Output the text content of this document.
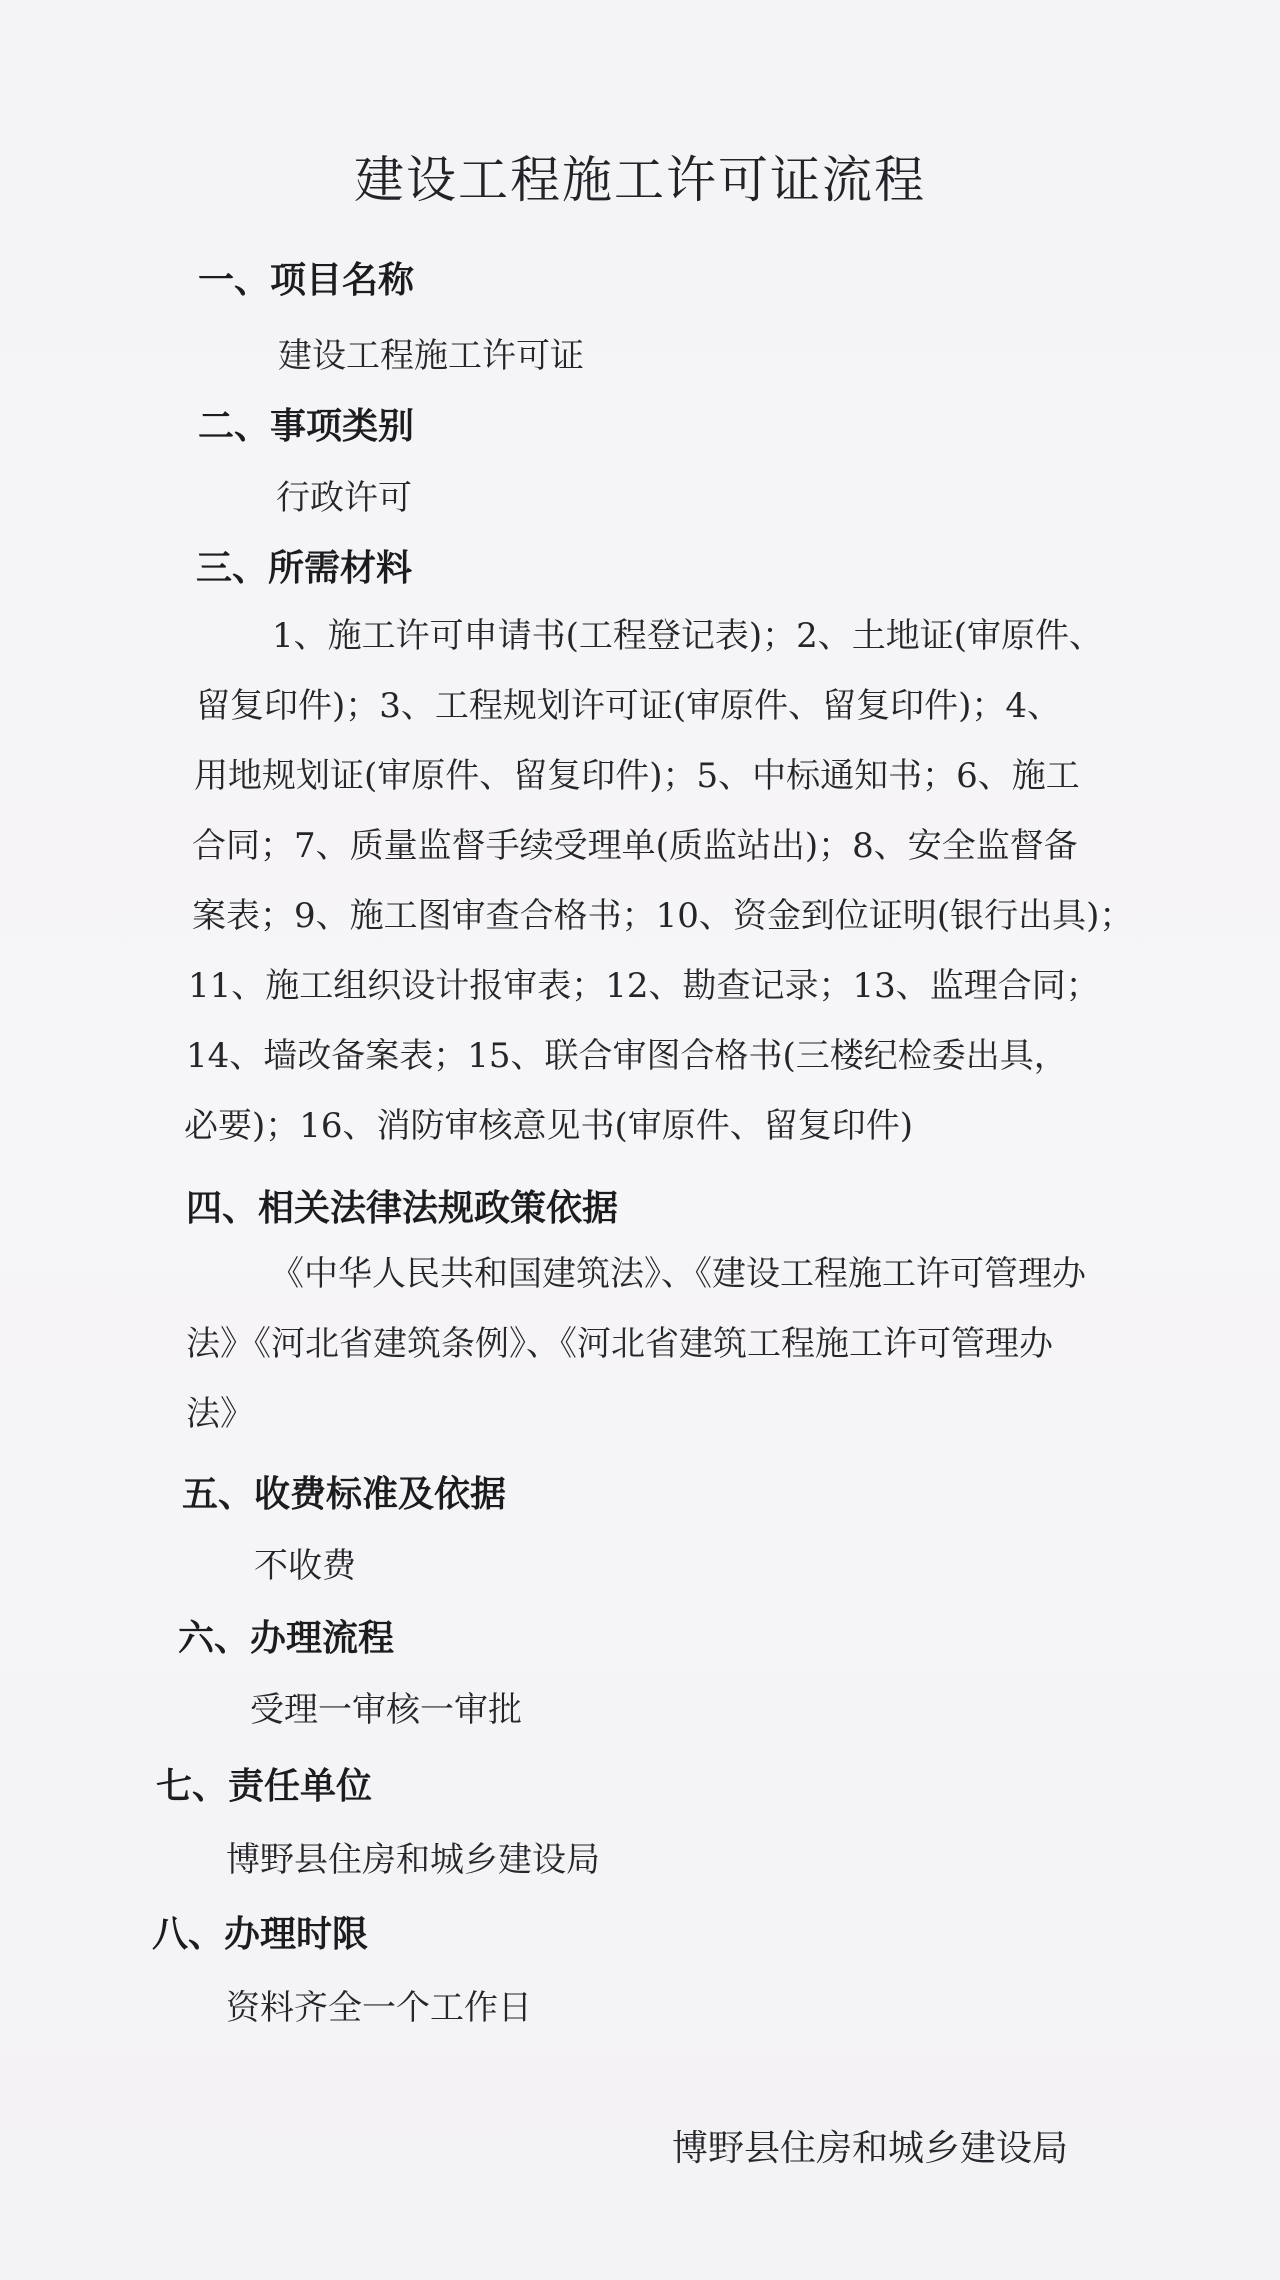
建设工程施工许可证流程
一、项目名称
建设工程施工许可证
二、事项类别
行政许可
三、所需材料
1、施工许可申请书(工程登记表)；2、土地证(审原件、
留复印件)；3、工程规划许可证(审原件、留复印件)；4、
用地规划证(审原件、留复印件)；5、中标通知书；6、施工
合同；7、质量监督手续受理单(质监站出)；8、安全监督备
案表；9、施工图审查合格书；10、资金到位证明(银行出具)；
11、施工组织设计报审表；12、勘查记录；13、监理合同；
14、墙改备案表；15、联合审图合格书(三楼纪检委出具，
必要)；16、消防审核意见书(审原件、留复印件)
四、相关法律法规政策依据
《中华人民共和国建筑法》、《建设工程施工许可管理办
法》《河北省建筑条例》、《河北省建筑工程施工许可管理办
法》
五、收费标准及依据
不收费
六、办理流程
受理一审核一审批
七、责任单位
博野县住房和城乡建设局
八、办理时限
资料齐全一个工作日
博野县住房和城乡建设局
